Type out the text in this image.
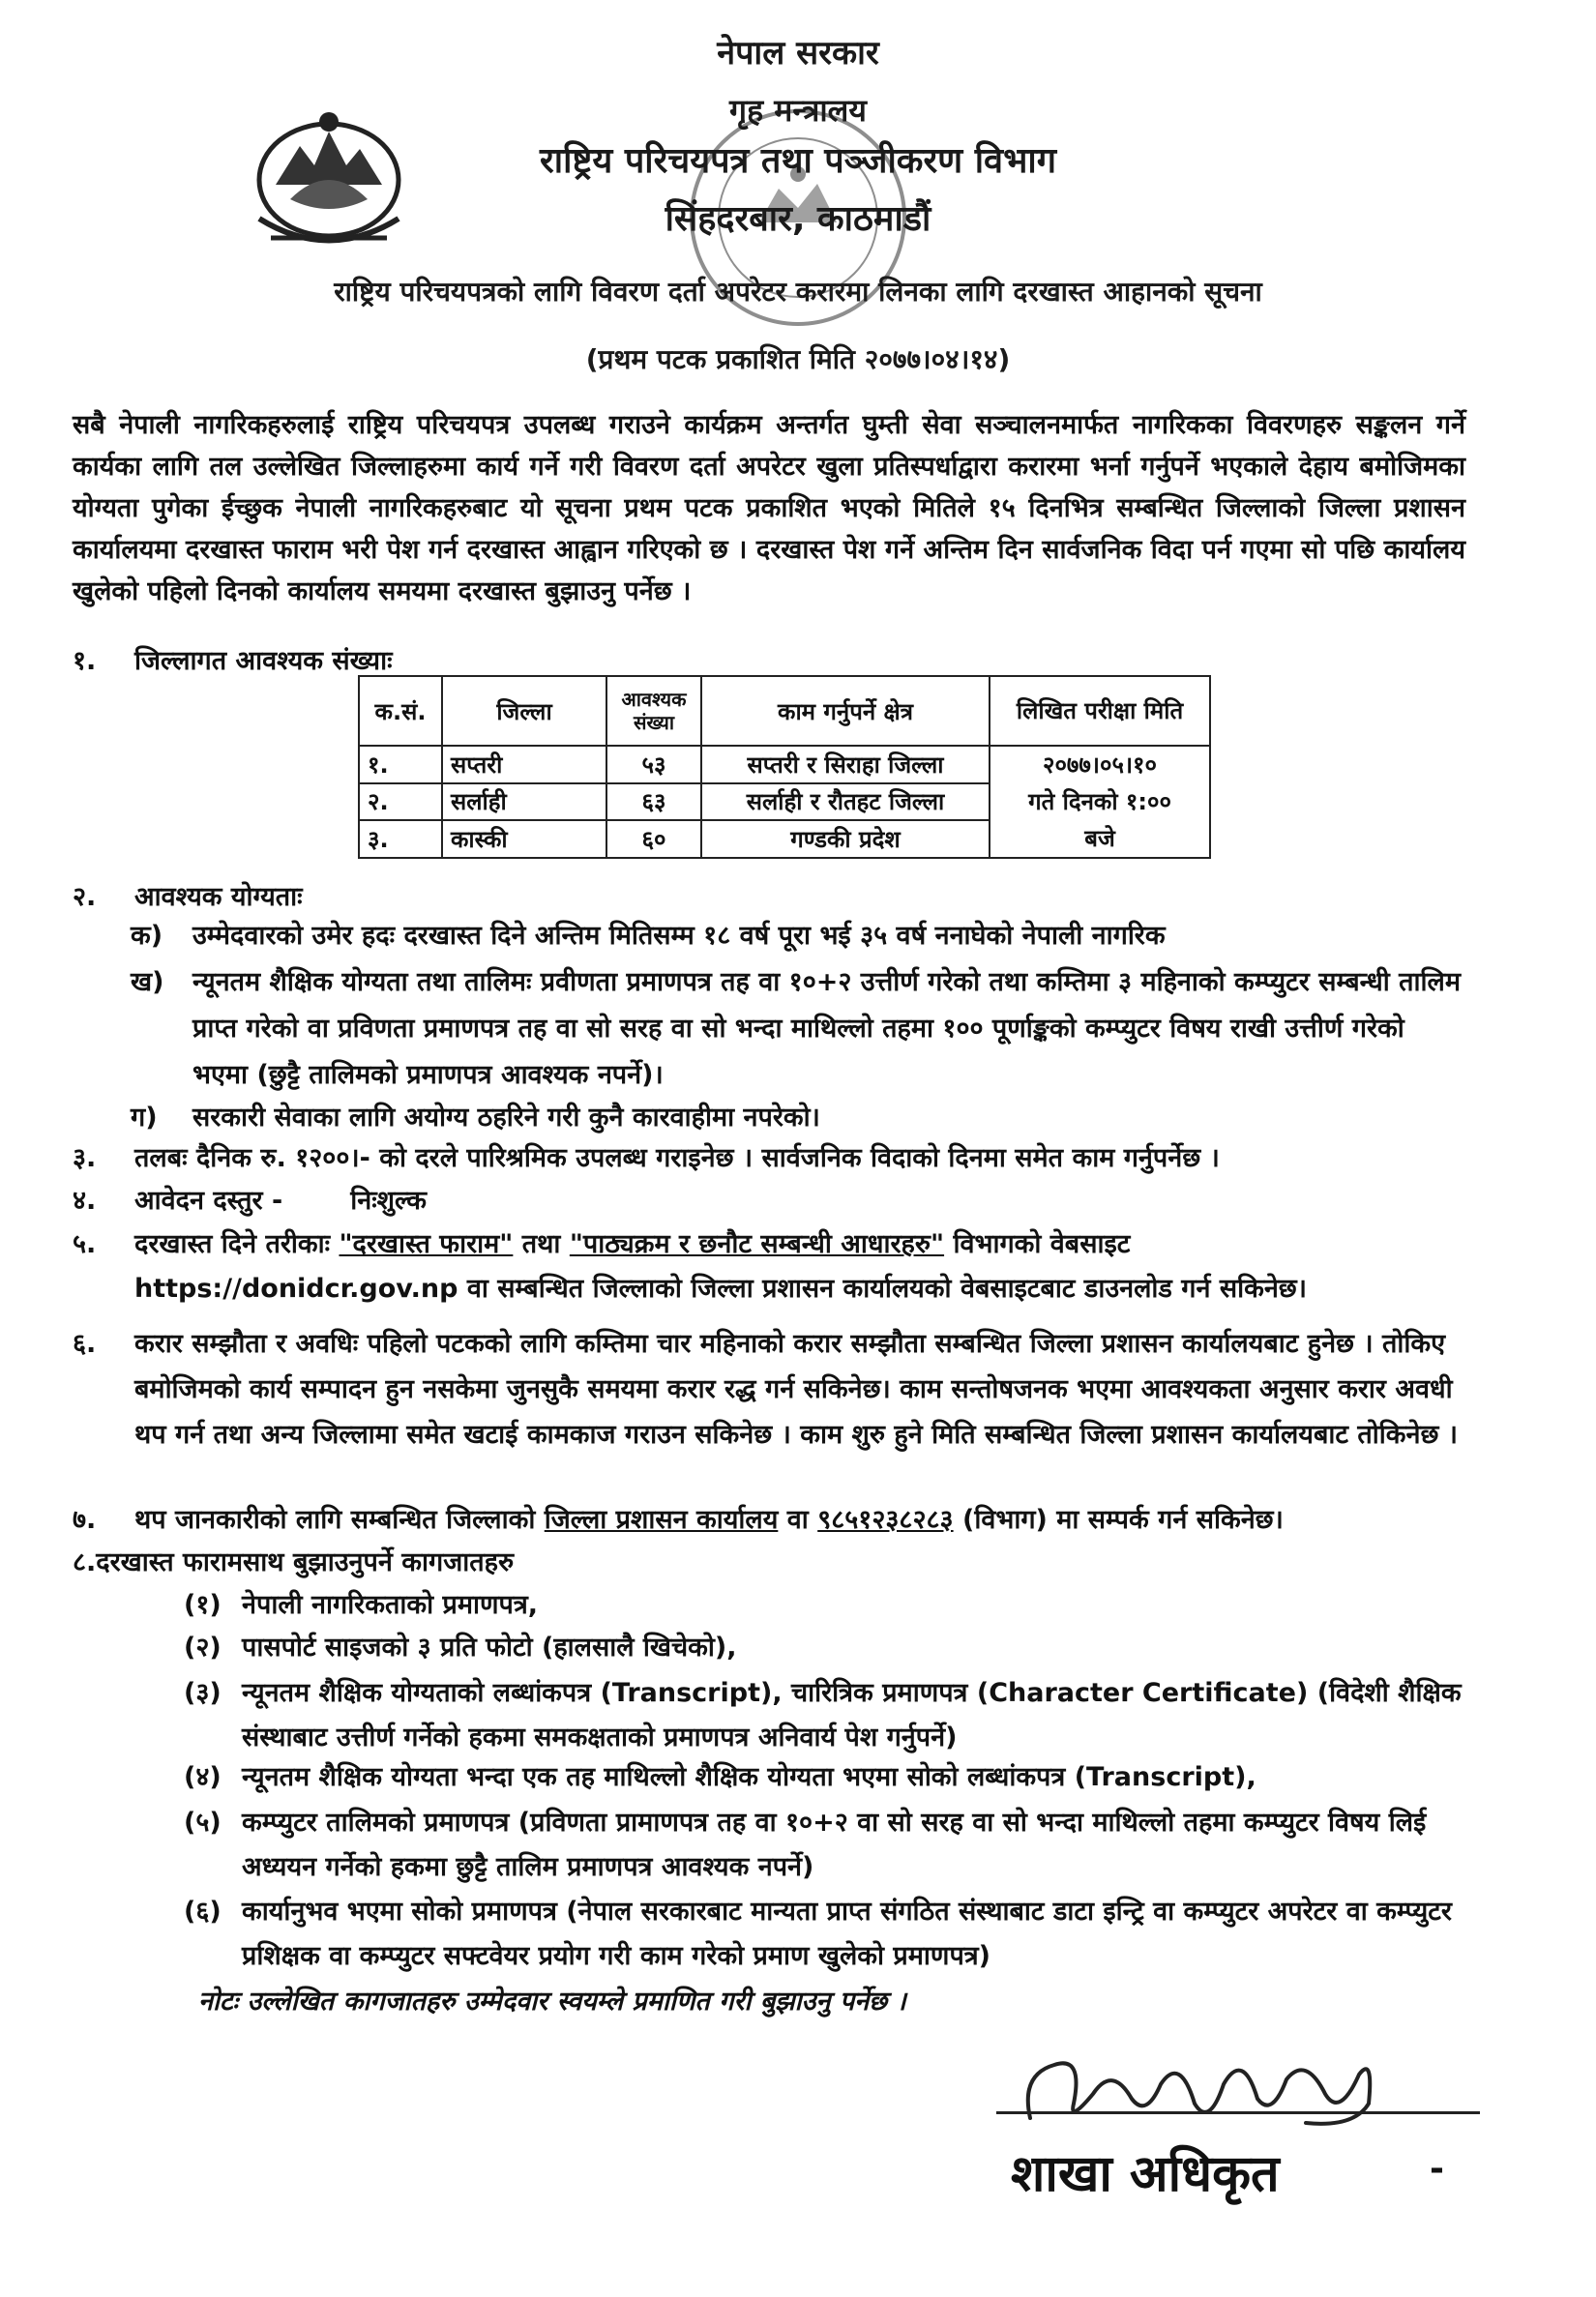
नेपाल सरकार
गृह मन्त्रालय
राष्ट्रिय परिचयपत्र तथा पञ्जीकरण विभाग
सिंहदरबार, काठमाडौं
राष्ट्रिय परिचयपत्रको लागि विवरण दर्ता अपरेटर करारमा लिनका लागि दरखास्त आहानको सूचना
(प्रथम पटक प्रकाशित मिति २०७७।०४।१४)
सबै नेपाली नागरिकहरुलाई राष्ट्रिय परिचयपत्र उपलब्ध गराउने कार्यक्रम अन्तर्गत घुम्ती सेवा सञ्चालनमार्फत नागरिकका विवरणहरु सङ्कलन गर्ने कार्यका लागि तल उल्लेखित जिल्लाहरुमा कार्य गर्ने गरी विवरण दर्ता अपरेटर खुला प्रतिस्पर्धाद्वारा करारमा भर्ना गर्नुपर्ने भएकाले देहाय बमोजिमका योग्यता पुगेका ईच्छुक नेपाली नागरिकहरुबाट यो सूचना प्रथम पटक प्रकाशित भएको मितिले १५ दिनभित्र सम्बन्धित जिल्लाको जिल्ला प्रशासन कार्यालयमा दरखास्त फाराम भरी पेश गर्न दरखास्त आह्वान गरिएको छ । दरखास्त पेश गर्ने अन्तिम दिन सार्वजनिक विदा पर्न गएमा सो पछि कार्यालय खुलेको पहिलो दिनको कार्यालय समयमा दरखास्त बुझाउनु पर्नेछ ।
१. जिल्लागत आवश्यक संख्याः
क.सं.	जिल्ला	आवश्यक संख्या	काम गर्नुपर्ने क्षेत्र	लिखित परीक्षा मिति
१.	सप्तरी	५३	सप्तरी र सिराहा जिल्ला	२०७७।०५।१०
गते दिनको १:००
बजे

२.	सर्लाही	६३	सर्लाही र रौतहट जिल्ला	
३.	कास्की	६०	गण्डकी प्रदेश	
२. आवश्यक योग्यताः
क) उम्मेदवारको उमेर हदः दरखास्त दिने अन्तिम मितिसम्म १८ वर्ष पूरा भई ३५ वर्ष ननाघेको नेपाली नागरिक
ख)	न्यूनतम शैक्षिक योग्यता तथा तालिमः प्रवीणता प्रमाणपत्र तह वा १०+२ उत्तीर्ण गरेको तथा कम्तिमा ३ महिनाको कम्प्युटर सम्बन्धी तालिम प्राप्त गरेको वा प्रविणता प्रमाणपत्र तह वा सो सरह वा सो भन्दा माथिल्लो तहमा १०० पूर्णाङ्कको कम्प्युटर विषय राखी उत्तीर्ण गरेको भएमा (छुट्टै तालिमको प्रमाणपत्र आवश्यक नपर्ने)।
ग) सरकारी सेवाका लागि अयोग्य ठहरिने गरी कुनै कारवाहीमा नपरेको।
३. तलबः दैनिक रु. १२००।- को दरले पारिश्रमिक उपलब्ध गराइनेछ । सार्वजनिक विदाको दिनमा समेत काम गर्नुपर्नेछ ।
४. आवेदन दस्तुर -	निःशुल्क
५. दरखास्त दिने तरीकाः "दरखास्त फाराम" तथा "पाठ्यक्रम र छनौट सम्बन्धी आधारहरु" विभागको वेबसाइट
https://donidcr.gov.np वा सम्बन्धित जिल्लाको जिल्ला प्रशासन कार्यालयको वेबसाइटबाट डाउनलोड गर्न सकिनेछ।
६.	करार सम्झौता र अवधिः पहिलो पटकको लागि कम्तिमा चार महिनाको करार सम्झौता सम्बन्धित जिल्ला प्रशासन कार्यालयबाट हुनेछ । तोकिए बमोजिमको कार्य सम्पादन हुन नसकेमा जुनसुकै समयमा करार रद्ध गर्न सकिनेछ। काम सन्तोषजनक भएमा आवश्यकता अनुसार करार अवधी थप गर्न तथा अन्य जिल्लामा समेत खटाई कामकाज गराउन सकिनेछ । काम शुरु हुने मिति सम्बन्धित जिल्ला प्रशासन कार्यालयबाट तोकिनेछ ।
७. थप जानकारीको लागि सम्बन्धित जिल्लाको जिल्ला प्रशासन कार्यालय वा ९८५१२३८२८३ (विभाग) मा सम्पर्क गर्न सकिनेछ।
८.दरखास्त फारामसाथ बुझाउनुपर्ने कागजातहरु
(१) नेपाली नागरिकताको प्रमाणपत्र,
(२) पासपोर्ट साइजको ३ प्रति फोटो (हालसालै खिचेको),
(३) न्यूनतम शैक्षिक योग्यताको लब्धांकपत्र (Transcript), चारित्रिक प्रमाणपत्र (Character Certificate) (विदेशी शैक्षिक संस्थाबाट उत्तीर्ण गर्नेको हकमा समकक्षताको प्रमाणपत्र अनिवार्य पेश गर्नुपर्ने)
(४) न्यूनतम शैक्षिक योग्यता भन्दा एक तह माथिल्लो शैक्षिक योग्यता भएमा सोको लब्धांकपत्र (Transcript),
(५) कम्प्युटर तालिमको प्रमाणपत्र (प्रविणता प्रामाणपत्र तह वा १०+२ वा सो सरह वा सो भन्दा माथिल्लो तहमा कम्प्युटर विषय लिई अध्ययन गर्नेको हकमा छुट्टै तालिम प्रमाणपत्र आवश्यक नपर्ने)
(६) कार्यानुभव भएमा सोको प्रमाणपत्र (नेपाल सरकारबाट मान्यता प्राप्त संगठित संस्थाबाट डाटा इन्ट्रि वा कम्प्युटर अपरेटर वा कम्प्युटर प्रशिक्षक वा कम्प्युटर सफ्टवेयर प्रयोग गरी काम गरेको प्रमाण खुलेको प्रमाणपत्र)
नोटः उल्लेखित कागजातहरु उम्मेदवार स्वयम्ले प्रमाणित गरी बुझाउनु पर्नेछ ।
शाखा अधिकृत	-
